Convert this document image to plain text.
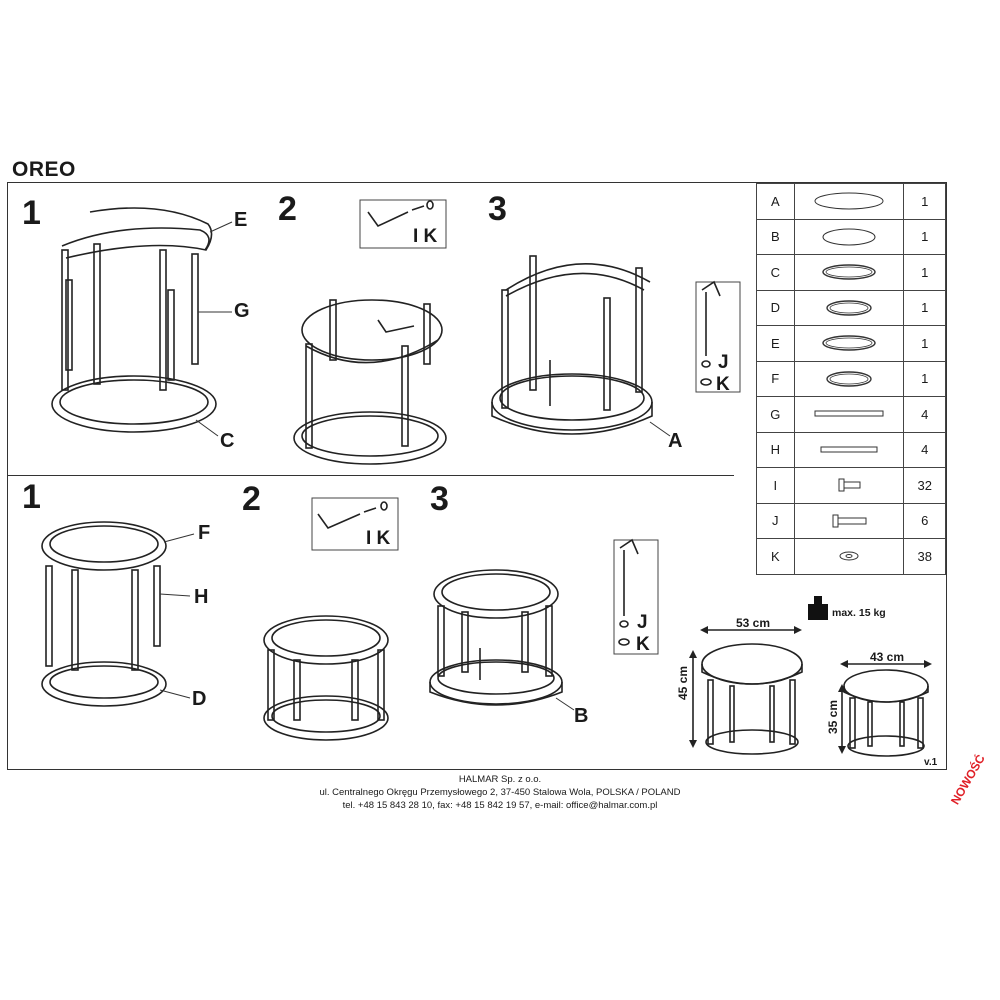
OREO
1	2	3
1	2	3
E
G
C	A
F
H
D
B
I K
I K
J
K
J
K
A		1
B		1
C		1
D		1
E		1
F		1
G		4
H		4
I		32
J		6
K		38
53 cm
45 cm
43 cm
35 cm
max. 15 kg
v.1
HALMAR Sp. z o.o.
ul. Centralnego Okręgu Przemysłowego 2, 37-450 Stalowa Wola, POLSKA / POLAND
tel. +48 15 843 28 10, fax: +48 15 842 19 57, e-mail: office@halmar.com.pl	NOWOŚĆ
